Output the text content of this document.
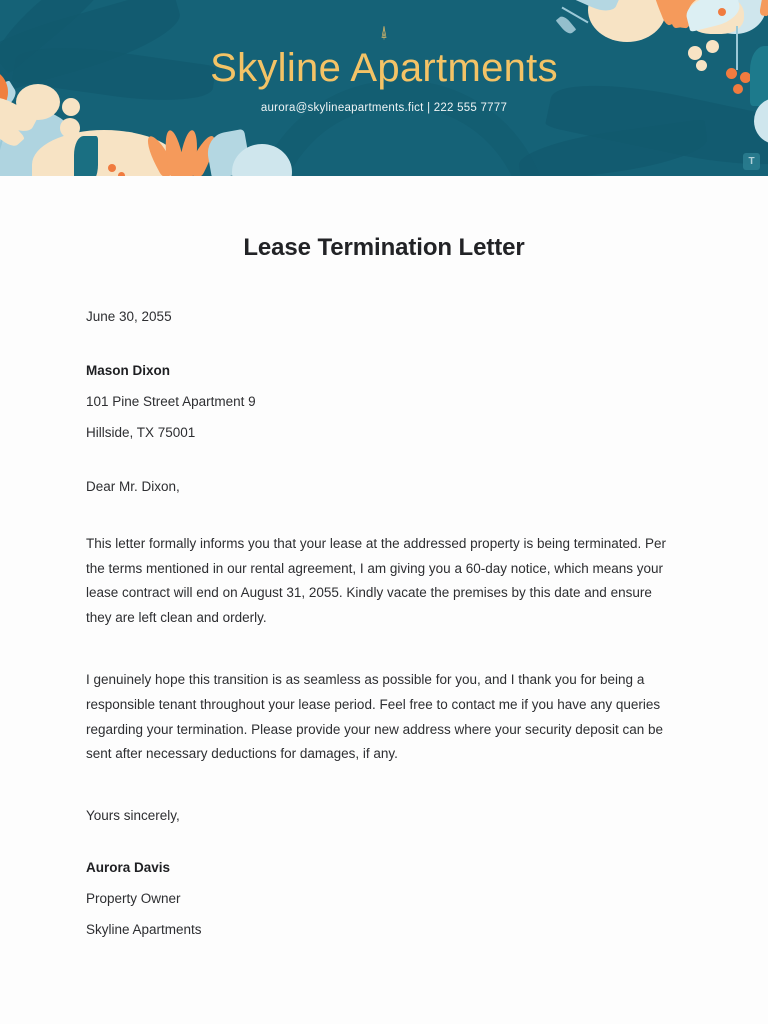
Skyline Apartments
aurora@skylineapartments.fict | 222 555 7777
T
Lease Termination Letter
June 30, 2055
Mason Dixon
101 Pine Street Apartment 9
Hillside, TX 75001
Dear Mr. Dixon,

This letter formally informs you that your lease at the addressed property is being terminated. Per the terms mentioned in our rental agreement, I am giving you a 60-day notice, which means your lease contract will end on August 31, 2055. Kindly vacate the premises by this date and ensure they are left clean and orderly.

I genuinely hope this transition is as seamless as possible for you, and I thank you for being a responsible tenant throughout your lease period. Feel free to contact me if you have any queries regarding your termination. Please provide your new address where your security deposit can be sent after necessary deductions for damages, if any.

Yours sincerely,
Aurora Davis
Property Owner
Skyline Apartments
